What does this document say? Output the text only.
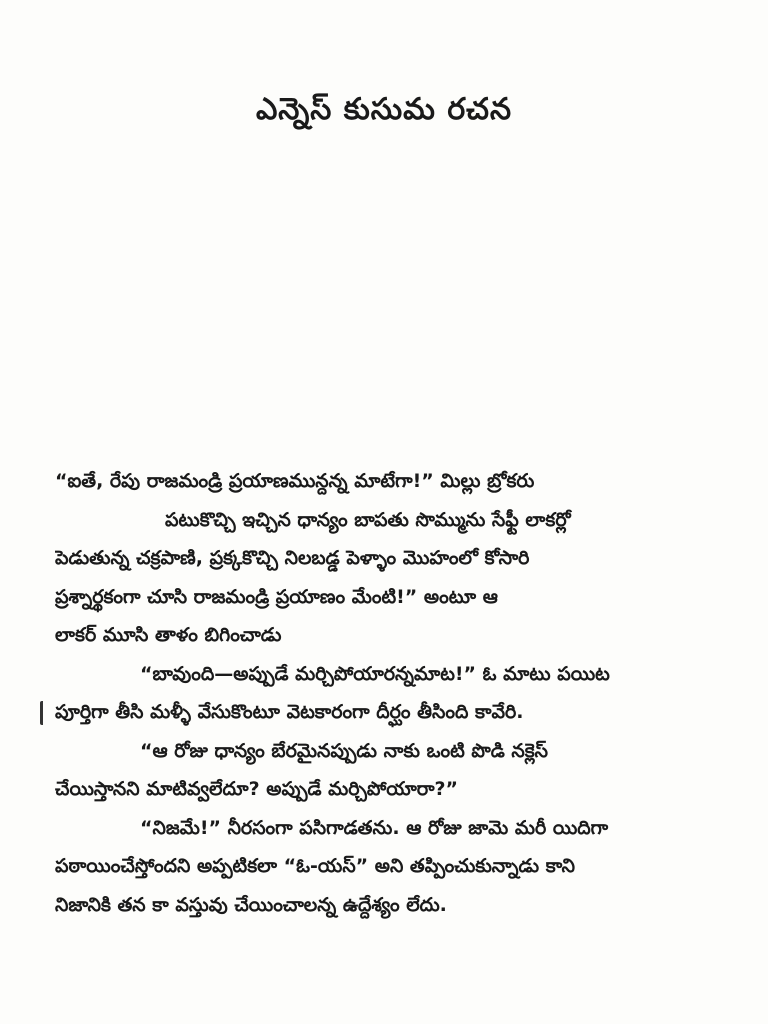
ఎన్నెస్ కుసుమ రచన
“ఐతే, రేపు రాజమండ్రి ప్రయాణమున్దన్న మాటేగా!” మిల్లు బ్రోకరు
పటుకొచ్చి ఇచ్చిన ధాన్యం బాపతు సొమ్మును సేఫ్టీ లాకర్లో
పెడుతున్న చక్రపాణి, ప్రక్కకొచ్చి నిలబడ్డ పెళ్ళాం మొహంలో కోసారి
ప్రశ్నార్థకంగా చూసి రాజమండ్రి ప్రయాణం మేంటి!” అంటూ ఆ
లాకర్ మూసి తాళం బిగించాడు
“బావుంది—అప్పుడే మర్చిపోయారన్నమాట!” ఓ మాటు పయిట
పూర్తిగా తీసి మళ్ళీ వేసుకొంటూ వెటకారంగా దీర్ఘం తీసింది కావేరి.
“ఆ రోజు ధాన్యం బేరమైనప్పుడు నాకు ఒంటి పొడి నక్లెస్
చేయిస్తానని మాటివ్వలేదూ? అప్పుడే మర్చిపోయారా?”
“నిజమే!” నీరసంగా పసిగాడతను. ఆ రోజు జామె మరీ యిదిగా
పఠాయించేస్తోందని అప్పటికలా “ఓ-యస్” అని తప్పించుకున్నాడు కాని
నిజానికి తన కా వస్తువు చేయించాలన్న ఉద్దేశ్యం లేదు.
